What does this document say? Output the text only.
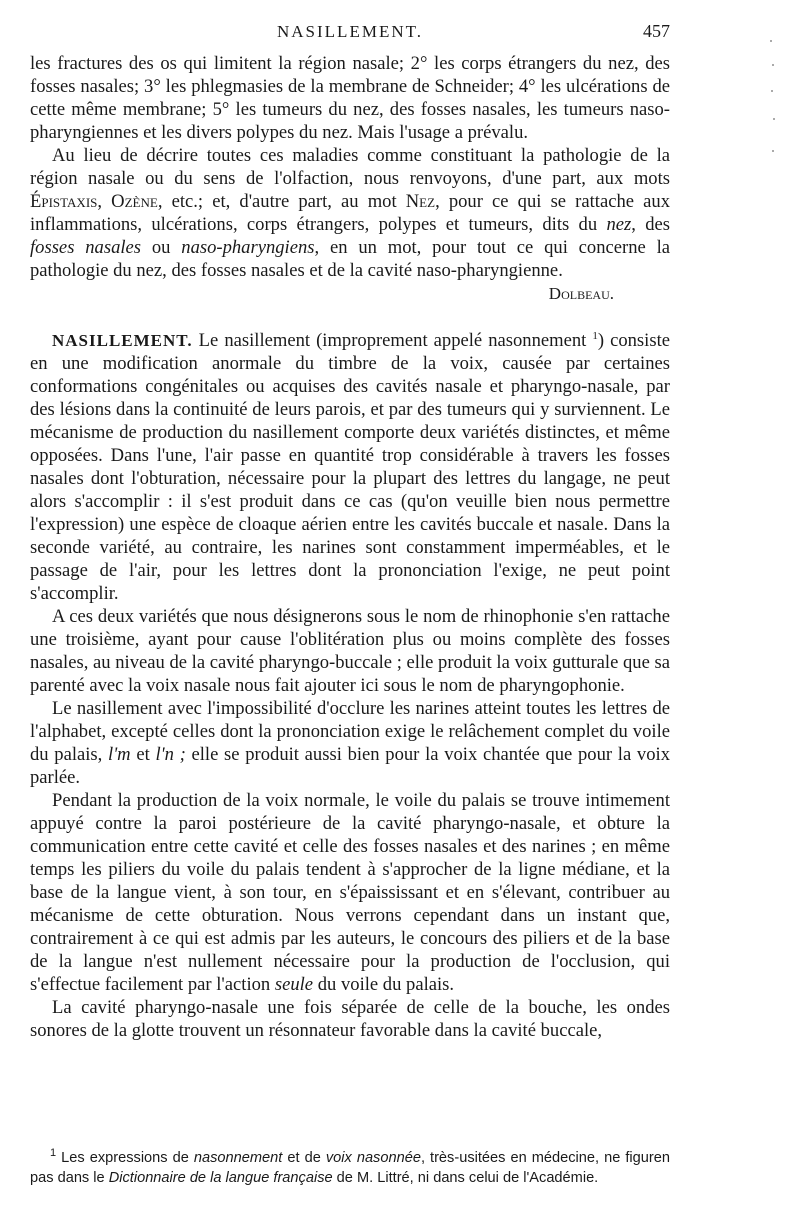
NASILLEMENT.	457

les fractures des os qui limitent la région nasale; 2° les corps étrangers du nez, des fosses nasales; 3° les phlegmasies de la membrane de Schneider; 4° les ulcérations de cette même membrane; 5° les tumeurs du nez, des fosses nasales, les tumeurs naso-pharyngiennes et les divers polypes du nez. Mais l'usage a prévalu.

Au lieu de décrire toutes ces maladies comme constituant la pathologie de la région nasale ou du sens de l'olfaction, nous renvoyons, d'une part, aux mots Épistaxis, Ozène, etc.; et, d'autre part, au mot Nez, pour ce qui se rattache aux inflammations, ulcérations, corps étrangers, polypes et tumeurs, dits du nez, des fosses nasales ou naso-pharyngiens, en un mot, pour tout ce qui concerne la pathologie du nez, des fosses nasales et de la cavité naso-pharyngienne.

Dolbeau.

NASILLEMENT. Le nasillement (improprement appelé nasonnement $^1$) consiste en une modification anormale du timbre de la voix, causée par certaines conformations congénitales ou acquises des cavités nasale et pharyngo-nasale, par des lésions dans la continuité de leurs parois, et par des tumeurs qui y surviennent. Le mécanisme de production du nasillement comporte deux variétés distinctes, et même opposées. Dans l'une, l'air passe en quantité trop considérable à travers les fosses nasales dont l'obturation, nécessaire pour la plupart des lettres du langage, ne peut alors s'accomplir : il s'est produit dans ce cas (qu'on veuille bien nous permettre l'expression) une espèce de cloaque aérien entre les cavités buccale et nasale. Dans la seconde variété, au contraire, les narines sont constamment imperméables, et le passage de l'air, pour les lettres dont la prononciation l'exige, ne peut point s'accomplir.

A ces deux variétés que nous désignerons sous le nom de rhinophonie s'en rattache une troisième, ayant pour cause l'oblitération plus ou moins complète des fosses nasales, au niveau de la cavité pharyngo-buccale ; elle produit la voix gutturale que sa parenté avec la voix nasale nous fait ajouter ici sous le nom de pharyngophonie.

Le nasillement avec l'impossibilité d'occlure les narines atteint toutes les lettres de l'alphabet, excepté celles dont la prononciation exige le relâchement complet du voile du palais, l'm et l'n ; elle se produit aussi bien pour la voix chantée que pour la voix parlée.

Pendant la production de la voix normale, le voile du palais se trouve intimement appuyé contre la paroi postérieure de la cavité pharyngo-nasale, et obture la communication entre cette cavité et celle des fosses nasales et des narines ; en même temps les piliers du voile du palais tendent à s'approcher de la ligne médiane, et la base de la langue vient, à son tour, en s'épaississant et en s'élevant, contribuer au mécanisme de cette obturation. Nous verrons cependant dans un instant que, contrairement à ce qui est admis par les auteurs, le concours des piliers et de la base de la langue n'est nullement nécessaire pour la production de l'occlusion, qui s'effectue facilement par l'action seule du voile du palais.

La cavité pharyngo-nasale une fois séparée de celle de la bouche, les ondes sonores de la glotte trouvent un résonnateur favorable dans la cavité buccale,

$^1$ Les expressions de nasonnement et de voix nasonnée, très-usitées en médecine, ne figuren pas dans le Dictionnaire de la langue française de M. Littré, ni dans celui de l'Académie.
